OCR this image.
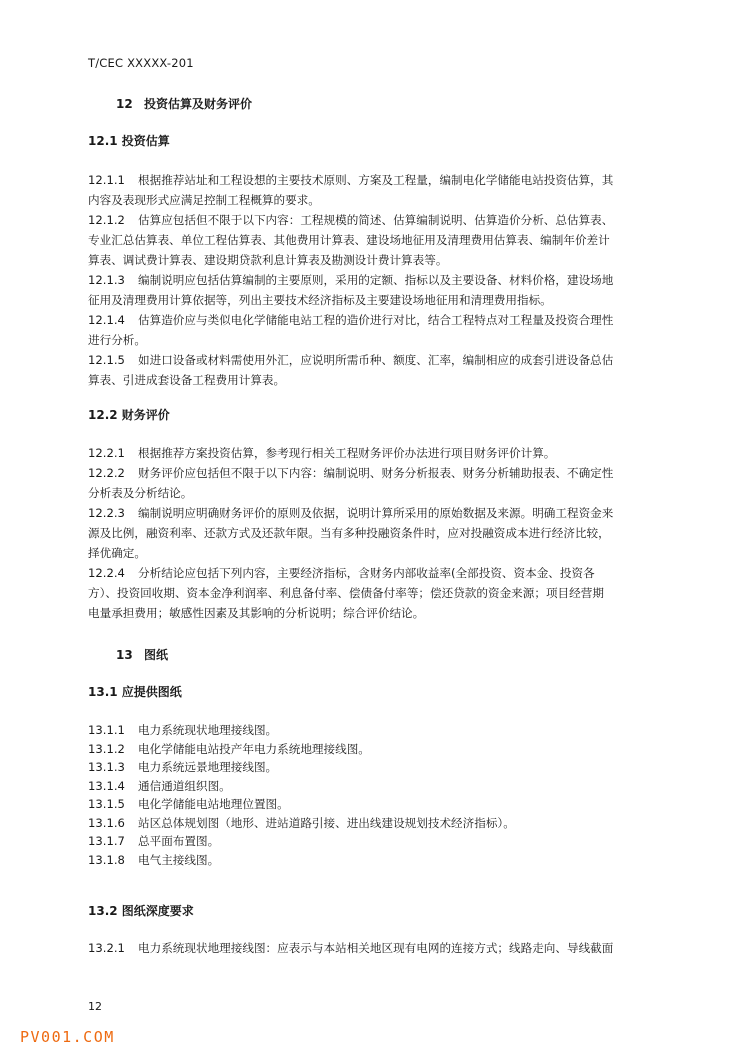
T/CEC XXXXX-201
12 投资估算及财务评价
12.1 投资估算
12.1.1 根据推荐站址和工程设想的主要技术原则、方案及工程量，编制电化学储能电站投资估算，其
内容及表现形式应满足控制工程概算的要求。
12.1.2 估算应包括但不限于以下内容：工程规模的简述、估算编制说明、估算造价分析、总估算表、
专业汇总估算表、单位工程估算表、其他费用计算表、建设场地征用及清理费用估算表、编制年价差计
算表、调试费计算表、建设期贷款利息计算表及勘测设计费计算表等。
12.1.3 编制说明应包括估算编制的主要原则，采用的定额、指标以及主要设备、材料价格，建设场地
征用及清理费用计算依据等，列出主要技术经济指标及主要建设场地征用和清理费用指标。
12.1.4 估算造价应与类似电化学储能电站工程的造价进行对比，结合工程特点对工程量及投资合理性
进行分析。
12.1.5 如进口设备或材料需使用外汇，应说明所需币种、额度、汇率，编制相应的成套引进设备总估
算表、引进成套设备工程费用计算表。
12.2 财务评价
12.2.1 根据推荐方案投资估算，参考现行相关工程财务评价办法进行项目财务评价计算。
12.2.2 财务评价应包括但不限于以下内容：编制说明、财务分析报表、财务分析辅助报表、不确定性
分析表及分析结论。
12.2.3 编制说明应明确财务评价的原则及依据，说明计算所采用的原始数据及来源。明确工程资金来
源及比例，融资利率、还款方式及还款年限。当有多种投融资条件时，应对投融资成本进行经济比较，
择优确定。
12.2.4 分析结论应包括下列内容，主要经济指标，含财务内部收益率(全部投资、资本金、投资各
方）、投资回收期、资本金净利润率、利息备付率、偿债备付率等；偿还贷款的资金来源；项目经营期
电量承担费用；敏感性因素及其影响的分析说明；综合评价结论。
13 图纸
13.1 应提供图纸
13.1.1 电力系统现状地理接线图。
13.1.2 电化学储能电站投产年电力系统地理接线图。
13.1.3 电力系统远景地理接线图。
13.1.4 通信通道组织图。
13.1.5 电化学储能电站地理位置图。
13.1.6 站区总体规划图（地形、进站道路引接、进出线建设规划技术经济指标）。
13.1.7 总平面布置图。
13.1.8 电气主接线图。
13.2 图纸深度要求
13.2.1 电力系统现状地理接线图：应表示与本站相关地区现有电网的连接方式；线路走向、导线截面
12
PV001.COM
